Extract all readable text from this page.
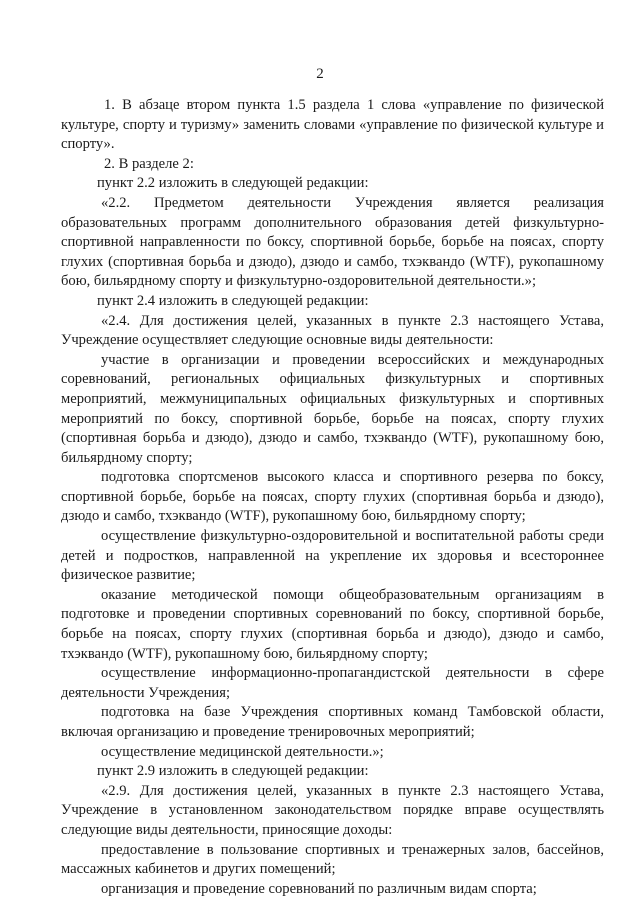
2

1. В абзаце втором пункта 1.5 раздела 1 слова «управление по физической культуре, спорту и туризму» заменить словами «управление по физической культуре и спорту».

2. В разделе 2:

пункт 2.2 изложить в следующей редакции:

«2.2. Предметом деятельности Учреждения является реализация образовательных программ дополнительного образования детей физкультурно-спортивной направленности по боксу, спортивной борьбе, борьбе на поясах, спорту глухих (спортивная борьба и дзюдо), дзюдо и самбо, тхэквандо (WTF), рукопашному бою, бильярдному спорту и физкультурно-оздоровительной деятельности.»;

пункт 2.4 изложить в следующей редакции:

«2.4. Для достижения целей, указанных в пункте 2.3 настоящего Устава, Учреждение осуществляет следующие основные виды деятельности:

участие в организации и проведении всероссийских и международных соревнований, региональных официальных физкультурных и спортивных мероприятий, межмуниципальных официальных физкультурных и спортивных мероприятий по боксу, спортивной борьбе, борьбе на поясах, спорту глухих (спортивная борьба и дзюдо), дзюдо и самбо, тхэквандо (WTF), рукопашному бою, бильярдному спорту;

подготовка спортсменов высокого класса и спортивного резерва по боксу, спортивной борьбе, борьбе на поясах, спорту глухих (спортивная борьба и дзюдо), дзюдо и самбо, тхэквандо (WTF), рукопашному бою, бильярдному спорту;

осуществление физкультурно-оздоровительной и воспитательной работы среди детей и подростков, направленной на укрепление их здоровья и всестороннее физическое развитие;

оказание методической помощи общеобразовательным организациям в подготовке и проведении спортивных соревнований по боксу, спортивной борьбе, борьбе на поясах, спорту глухих (спортивная борьба и дзюдо), дзюдо и самбо, тхэквандо (WTF), рукопашному бою, бильярдному спорту;

осуществление информационно-пропагандистской деятельности в сфере деятельности Учреждения;

подготовка на базе Учреждения спортивных команд Тамбовской области, включая организацию и проведение тренировочных мероприятий;

осуществление медицинской деятельности.»;

пункт 2.9 изложить в следующей редакции:

«2.9. Для достижения целей, указанных в пункте 2.3 настоящего Устава, Учреждение в установленном законодательством порядке вправе осуществлять следующие виды деятельности, приносящие доходы:

предоставление в пользование спортивных и тренажерных залов, бассейнов, массажных кабинетов и других помещений;

организация и проведение соревнований по различным видам спорта;
